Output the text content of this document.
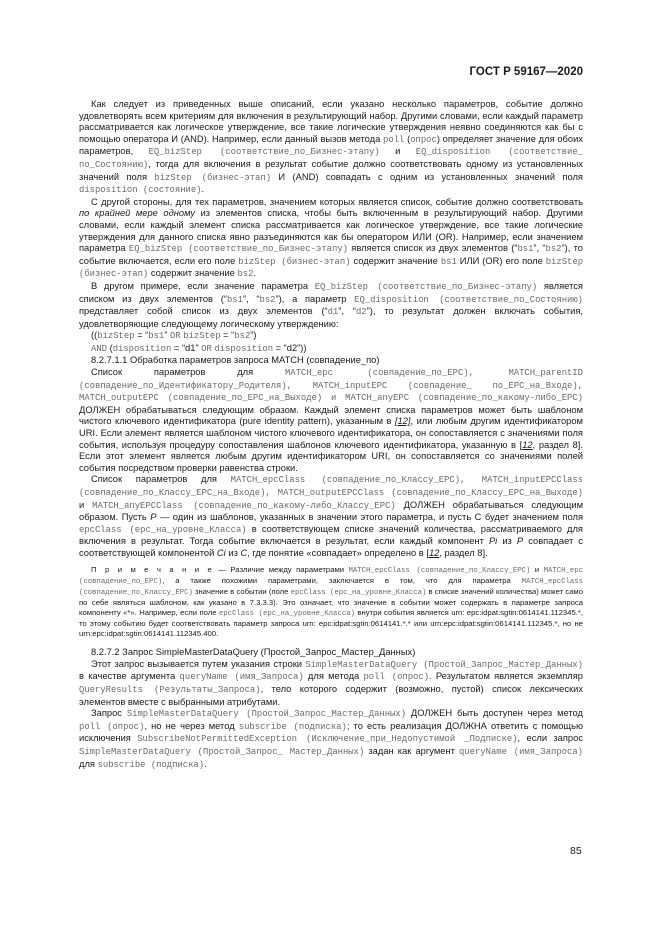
ГОСТ Р 59167—2020

Как следует из приведенных выше описаний, если указано несколько параметров, событие должно удовлетворять всем критериям для включения в результирующий набор. Другими словами, если каждый параметр рассматривается как логическое утверждение, все такие логические утверждения неявно соединяются как бы с помощью оператора И (AND). Например, если данный вызов метода poll (опрос) определяет значение для обоих параметров, EQ_bizStep (соответствие_по_Бизнес-этапу) и EQ_disposition (соответствие_ по_Состоянию), тогда для включения в результат событие должно соответствовать одному из установленных значений поля bizStep (бизнес-этап) И (AND) совпадать с одним из установленных значений поля disposition (состояние).

С другой стороны, для тех параметров, значением которых является список, событие должно соответствовать по крайней мере одному из элементов списка, чтобы быть включенным в результирующий набор. Другими словами, если каждый элемент списка рассматривается как логическое утверждение, все такие логические утверждения для данного списка явно разъединяются как бы оператором ИЛИ (OR). Например, если значением параметра EQ_bizStep (соответствие_по_Бизнес-этапу) является список из двух элементов (“bs1”, “bs2”), то событие включается, если его поле bizStep (бизнес-этап) содержит значение bs1 ИЛИ (OR) его поле bizStep (бизнес-этап) содержит значение bs2.

В другом примере, если значение параметра EQ_bizStep (соответствие_по_Бизнес-этапу) является списком из двух элементов (“bs1”, “bs2”), а параметр EQ_disposition (соответствие_по_Состоянию) представляет собой список из двух элементов (“d1”, “d2”), то результат должен включать события, удовлетворяющие следующему логическому утверждению:

((bizStep = “bs1” OR bizStep = “bs2”)

AND (disposition = “d1” OR disposition = “d2”))

8.2.7.1.1 Обработка параметров запроса MATCH (совпадение_по)

Список параметров для MATCH_epc (совпадение_по_EPC), MATCH_parentID (совпадение_по_Идентификатору_Родителя), MATCH_inputEPC (совпадение_ по_EPC_на_Входе), MATCH_outputEPC (совпадение_по_EPC_на_Выходе) и MATCH_anyEPC (совпадение_по_какому-либо_EPC) ДОЛЖЕН обрабатываться следующим образом. Каждый элемент списка параметров может быть шаблоном чистого ключевого идентификатора (pure identity pattern), указанным в [12], или любым другим идентификатором URI. Если элемент является шаблоном чистого ключевого идентификатора, он сопоставляется с значениями поля события, используя процедуру сопоставления шаблонов ключевого идентификатора, указанную в [12, раздел 8]. Если этот элемент является любым другим идентификатором URI, он сопоставляется со значениями полей события посредством проверки равенства строки.

Список параметров для MATCH_epcClass (совпадение_по_Классу_EPC), MATCH_inputEPCClass (совпадение_по_Классу_EPC_на_Входе), MATCH_outputEPCClass (совпадение_по_Классу_EPC_на_Выходе) и MATCH_anyEPCClass (совпадение_по_какому-либо_Классу_EPC) ДОЛЖЕН обрабатываться следующим образом. Пусть P — один из шаблонов, указанных в значении этого параметра, и пусть C будет значением поля epcClass (epc_на_уровне_Класса) в соответствующем списке значений количества, рассматриваемого для включения в результат. Тогда событие включается в результат, если каждый компонент Pi из P совпадает с соответствующей компонентой Ci из C, где понятие «совпадает» определено в [12, раздел 8].

П р и м е ч а н и е — Различие между параметрами MATCH_epcClass (совпадение_по_Классу_EPC) и MATCH_epc (совпадение_по_EPC), а также похожими параметрами, заключается в том, что для параметра MATCH_epcClass (совпадение_по_Классу_EPC) значение в событии (поле epcClass (epc_на_уровне_Класса) в списке значений количества) может само по себе являться шаблоном, как указано в 7.3.3.3). Это означает, что значение в событии может содержать в параметре запроса компоненту «*». Например, если поле epcClass (epc_на_уровне_Класса) внутри события является urn: epc:idpat:sgtin:0614141.112345.*, то этому событию будет соответствовать параметр запроса urn: epc:idpat:sgtin:0614141.*.* или urn:epc:idpat:sgtin:0614141.112345.*, но не urn:epc:idpat:sgtin:0614141.112345.400.

8.2.7.2 Запрос SimpleMasterDataQuery (Простой_Запрос_Мастер_Данных)

Этот запрос вызывается путем указания строки SimpleMasterDataQuery (Простой_Запрос_Мастер_Данных) в качестве аргумента queryName (имя_Запроса) для метода poll (опрос). Результатом является экземпляр QueryResults (Результаты_Запроса), тело которого содержит (возможно, пустой) список лексических элементов вместе с выбранными атрибутами.

Запрос SimpleMasterDataQuery (Простой_Запрос_Мастер_Данных) ДОЛЖЕН быть доступен через метод poll (опрос), но не через метод subscribe (подписка); то есть реализация ДОЛЖНА ответить с помощью исключения SubscribeNotPermittedException (Исключение_при_Недопустимой _Подписке), если запрос SimpleMasterDataQuery (Простой_Запрос_ Мастер_Данных) задан как аргумент queryName (имя_Запроса) для subscribe (подписка).

85
